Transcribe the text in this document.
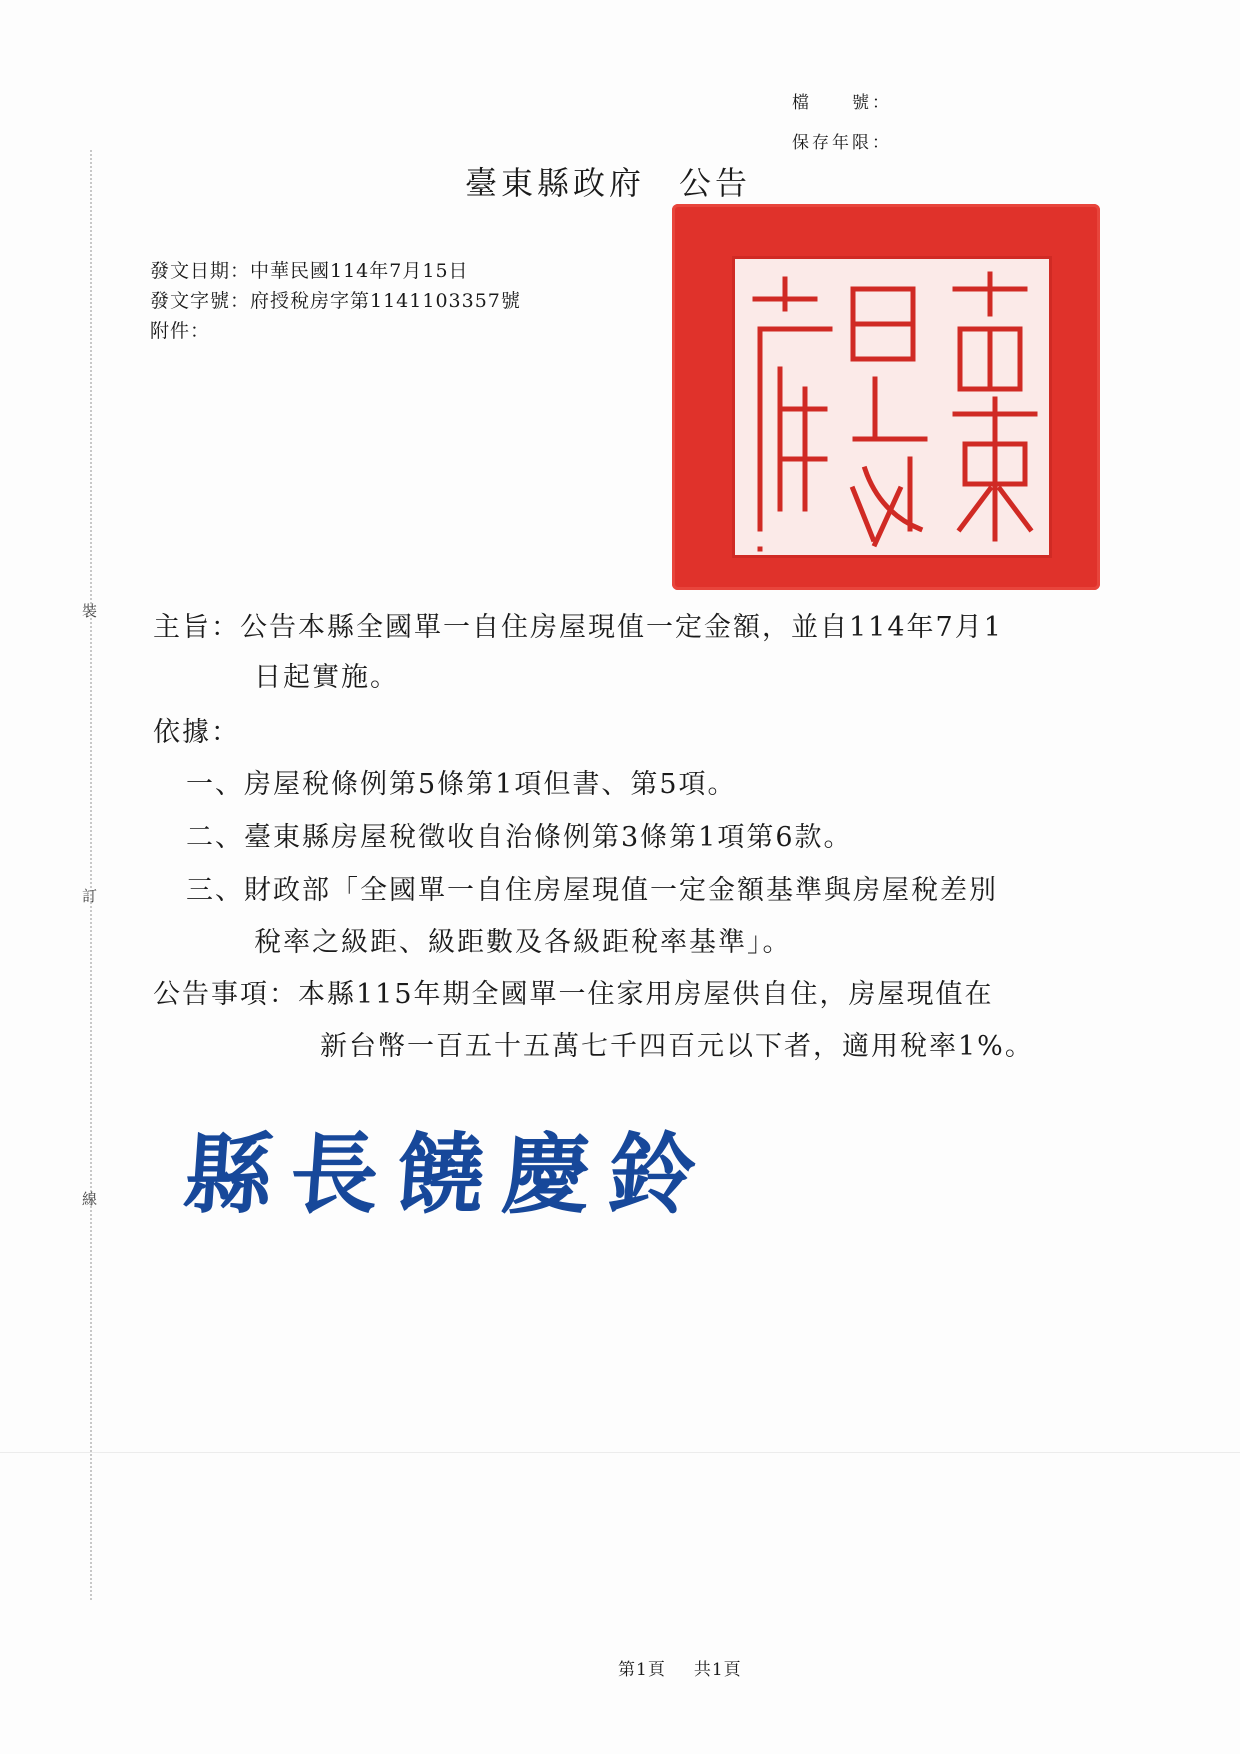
裝
訂
線
檔　　號：
保存年限：
臺東縣政府 公告
發文日期：中華民國114年7月15日
發文字號：府授稅房字第1141103357號
附件：
主旨：公告本縣全國單一自住房屋現值一定金額，並自114年7月1
日起實施。
依據：
一、房屋稅條例第5條第1項但書、第5項。
二、臺東縣房屋稅徵收自治條例第3條第1項第6款。
三、財政部「全國單一自住房屋現值一定金額基準與房屋稅差別
稅率之級距、級距數及各級距稅率基準」。
公告事項：本縣115年期全國單一住家用房屋供自住，房屋現值在
新台幣一百五十五萬七千四百元以下者，適用稅率1%。
縣長饒慶鈴
第1頁 共1頁
